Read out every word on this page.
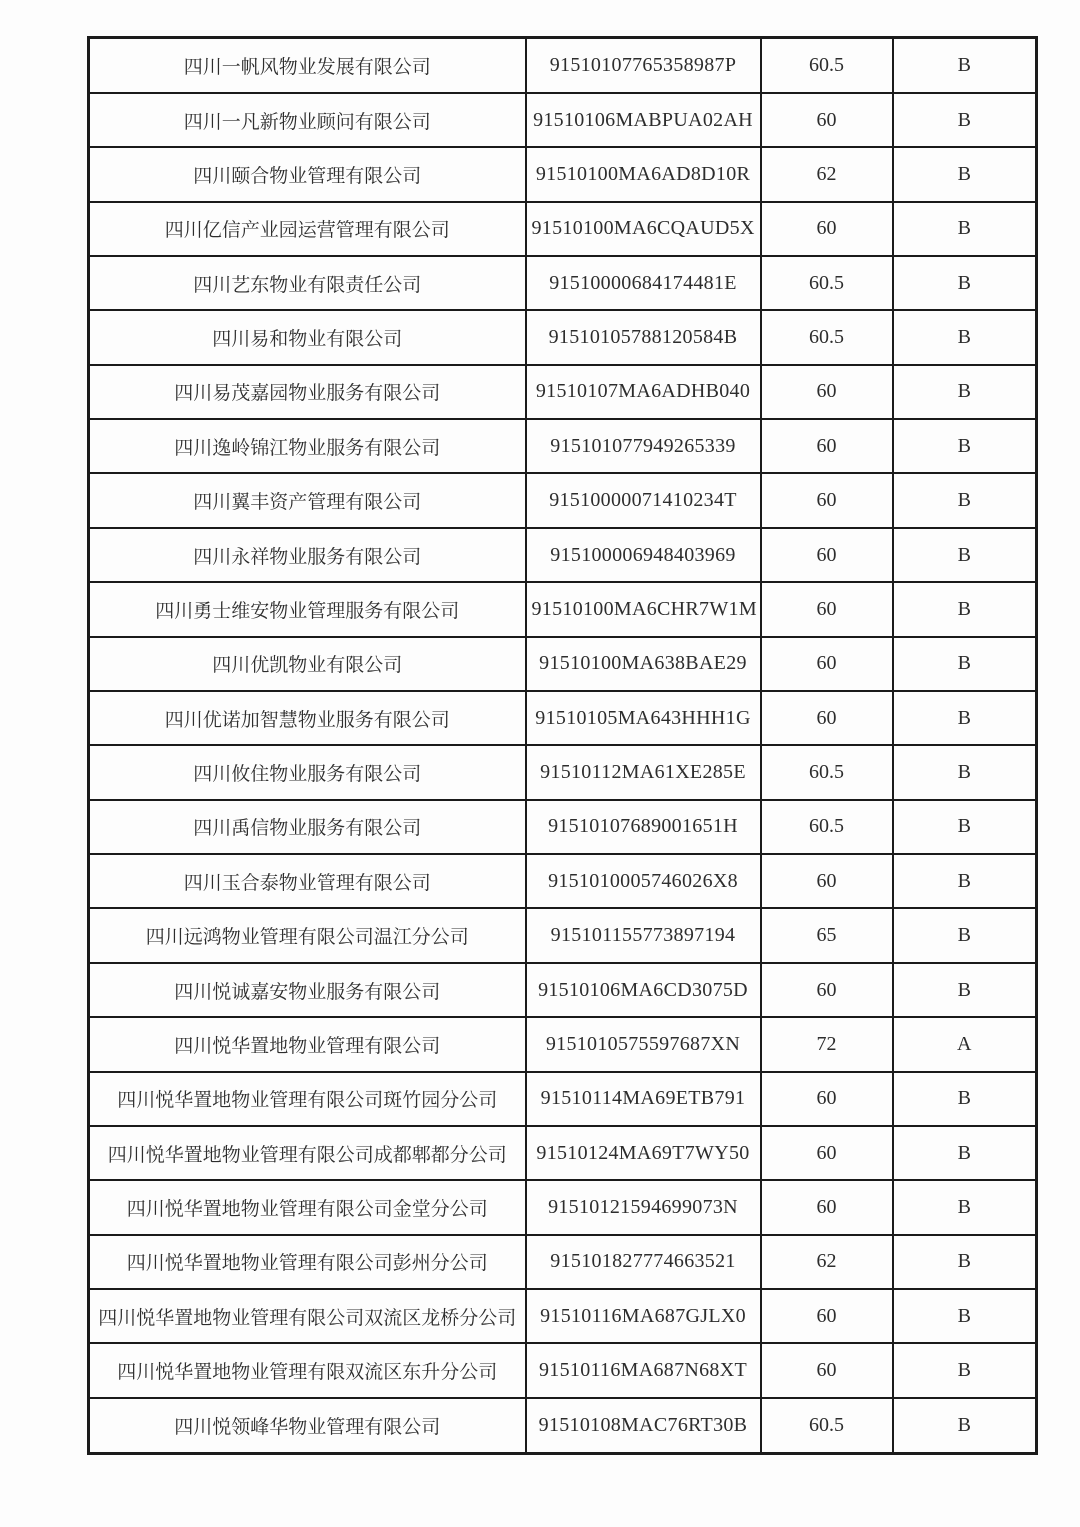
四川一帆风物业发展有限公司	91510107765358987P	60.5	B
四川一凡新物业顾问有限公司	91510106MABPUA02AH	60	B
四川颐合物业管理有限公司	91510100MA6AD8D10R	62	B
四川亿信产业园运营管理有限公司	91510100MA6CQAUD5X	60	B
四川艺东物业有限责任公司	91510000684174481E	60.5	B
四川易和物业有限公司	91510105788120584B	60.5	B
四川易茂嘉园物业服务有限公司	91510107MA6ADHB040	60	B
四川逸岭锦江物业服务有限公司	915101077949265339	60	B
四川翼丰资产管理有限公司	91510000071410234T	60	B
四川永祥物业服务有限公司	915100006948403969	60	B
四川勇士维安物业管理服务有限公司	91510100MA6CHR7W1M	60	B
四川优凯物业有限公司	91510100MA638BAE29	60	B
四川优诺加智慧物业服务有限公司	91510105MA643HHH1G	60	B
四川攸住物业服务有限公司	91510112MA61XE285E	60.5	B
四川禹信物业服务有限公司	91510107689001651H	60.5	B
四川玉合泰物业管理有限公司	9151010005746026X8	60	B
四川远鸿物业管理有限公司温江分公司	915101155773897194	65	B
四川悦诚嘉安物业服务有限公司	91510106MA6CD3075D	60	B
四川悦华置地物业管理有限公司	9151010575597687XN	72	A
四川悦华置地物业管理有限公司斑竹园分公司	91510114MA69ETB791	60	B
四川悦华置地物业管理有限公司成都郫都分公司	91510124MA69T7WY50	60	B
四川悦华置地物业管理有限公司金堂分公司	91510121594699073N	60	B
四川悦华置地物业管理有限公司彭州分公司	915101827774663521	62	B
四川悦华置地物业管理有限公司双流区龙桥分公司	91510116MA687GJLX0	60	B
四川悦华置地物业管理有限双流区东升分公司	91510116MA687N68XT	60	B
四川悦领峰华物业管理有限公司	91510108MAC76RT30B	60.5	B
